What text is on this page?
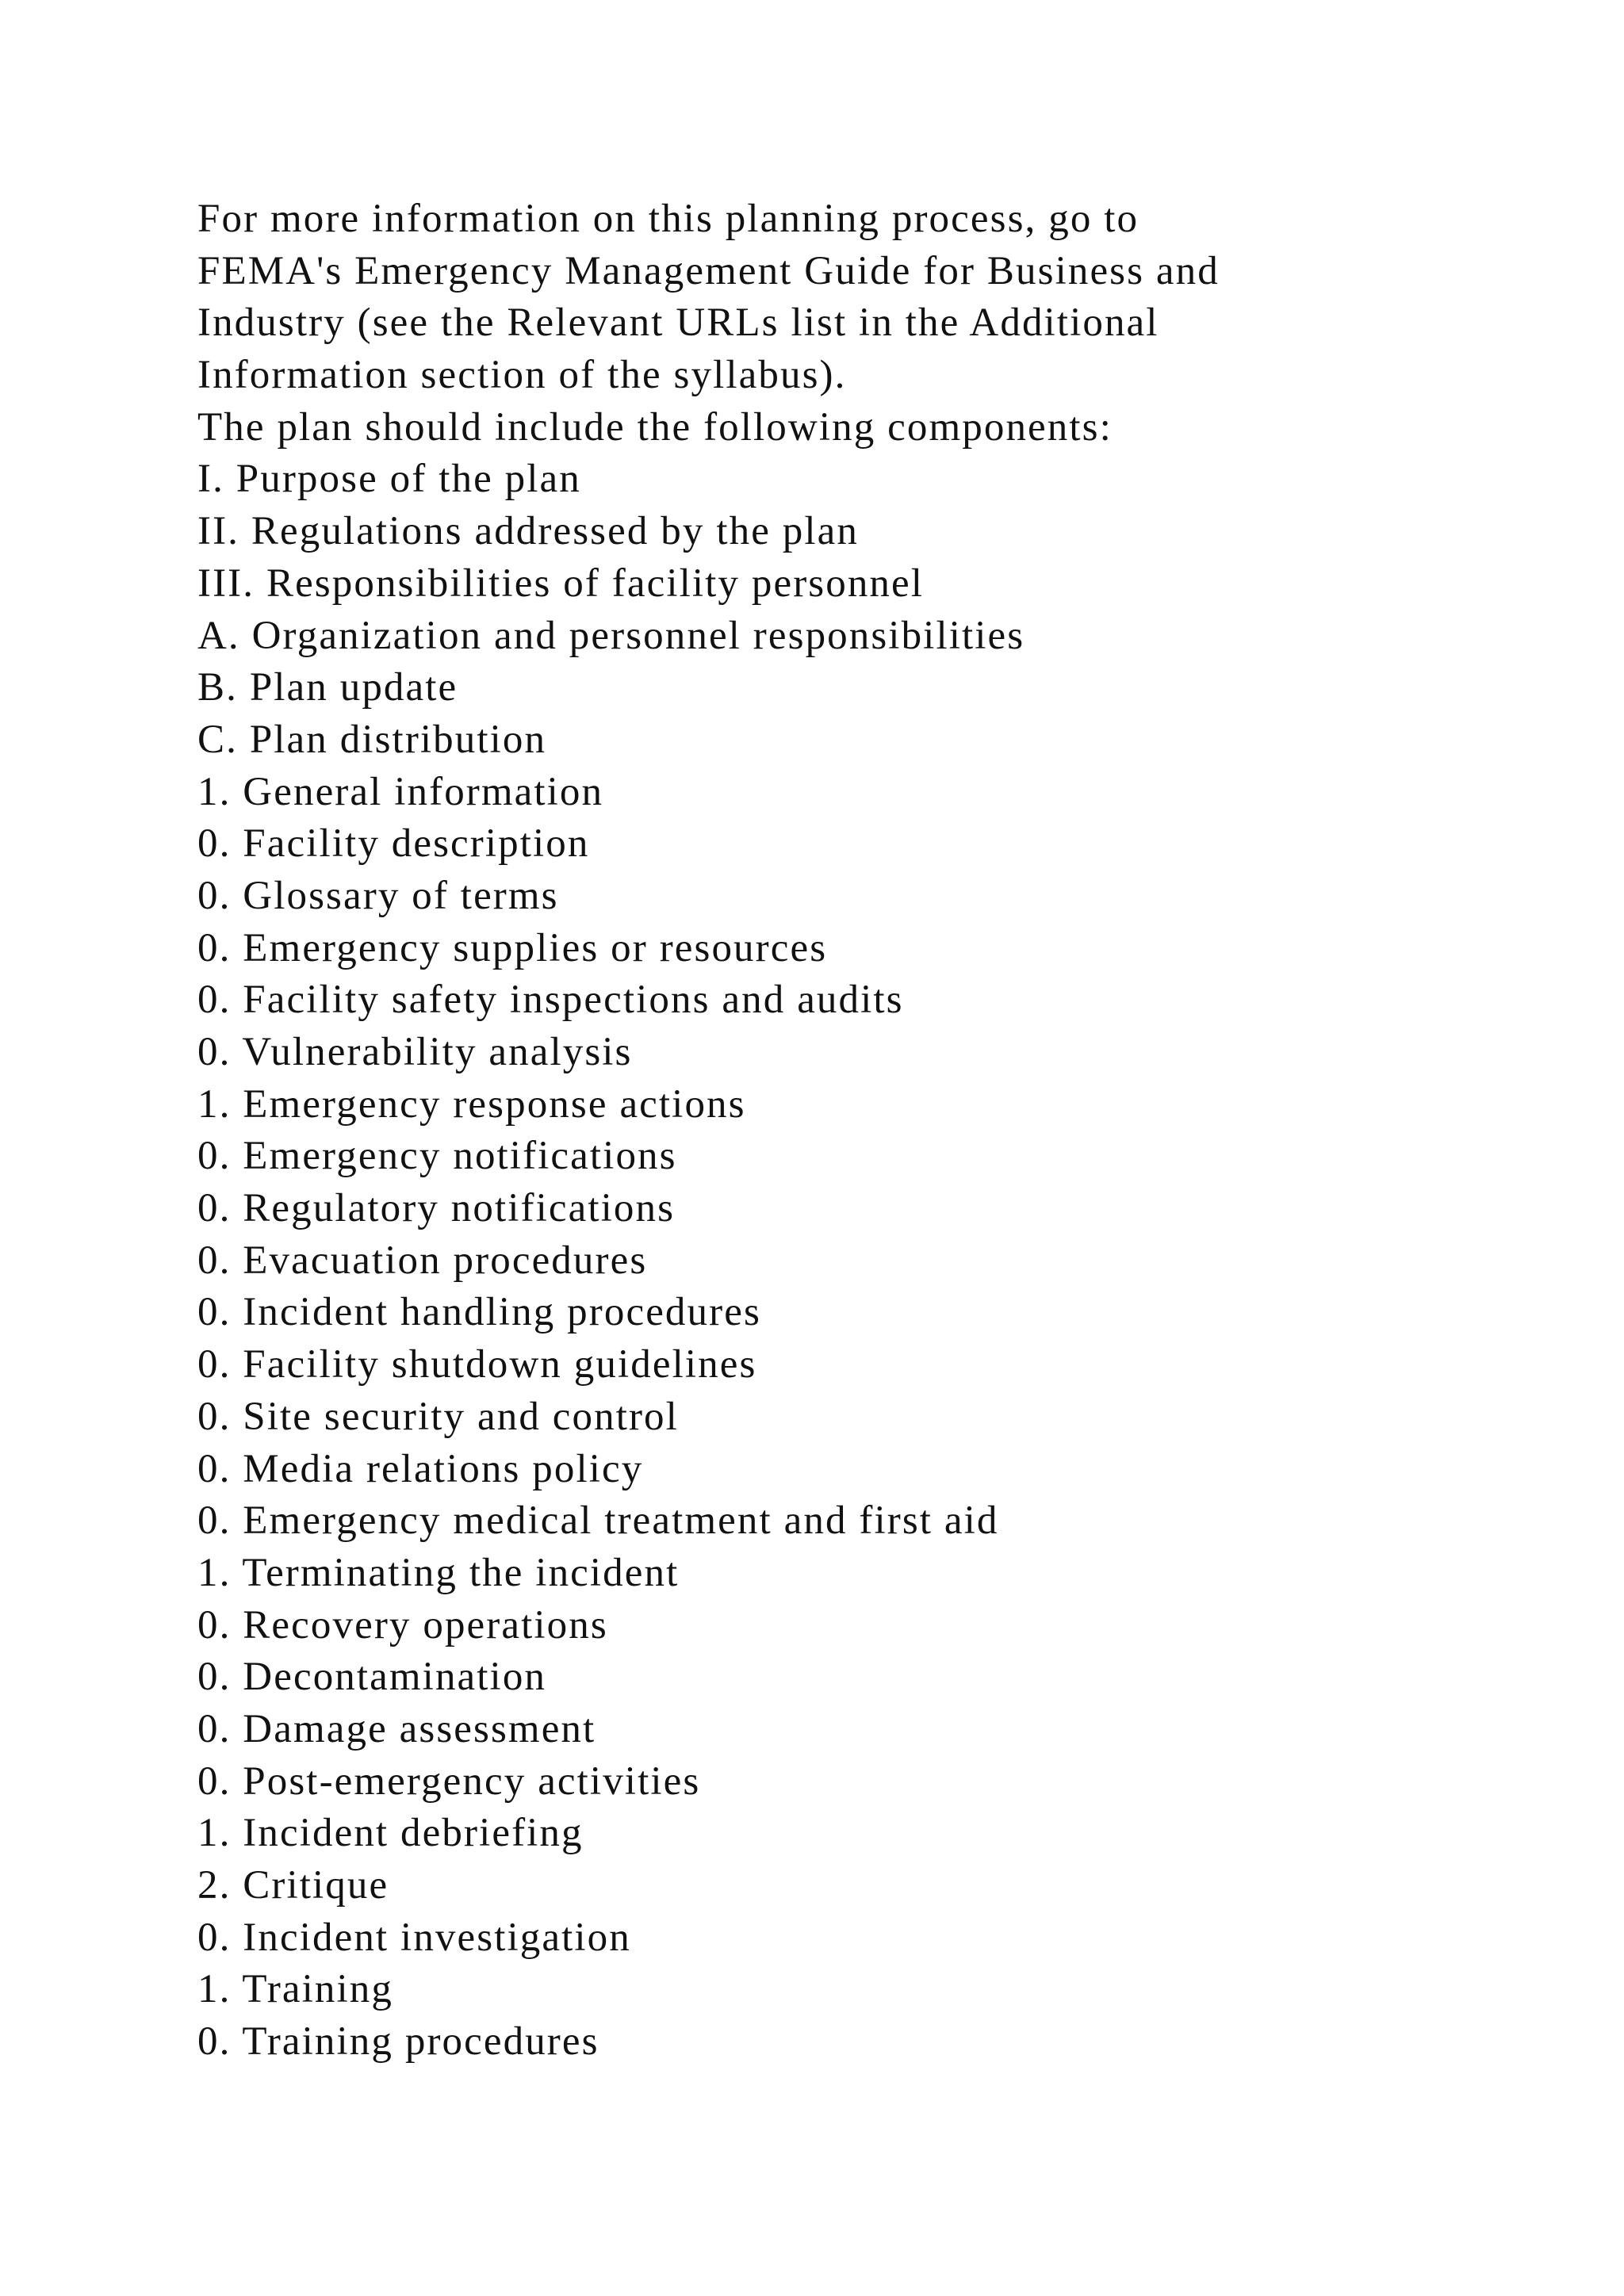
For more information on this planning process, go to
FEMA's Emergency Management Guide for Business and
Industry (see the Relevant URLs list in the Additional
Information section of the syllabus).
The plan should include the following components:
I. Purpose of the plan
II. Regulations addressed by the plan
III. Responsibilities of facility personnel
A. Organization and personnel responsibilities
B. Plan update
C. Plan distribution
1. General information
0. Facility description
0. Glossary of terms
0. Emergency supplies or resources
0. Facility safety inspections and audits
0. Vulnerability analysis
1. Emergency response actions
0. Emergency notifications
0. Regulatory notifications
0. Evacuation procedures
0. Incident handling procedures
0. Facility shutdown guidelines
0. Site security and control
0. Media relations policy
0. Emergency medical treatment and first aid
1. Terminating the incident
0. Recovery operations
0. Decontamination
0. Damage assessment
0. Post-emergency activities
1. Incident debriefing
2. Critique
0. Incident investigation
1. Training
0. Training procedures
